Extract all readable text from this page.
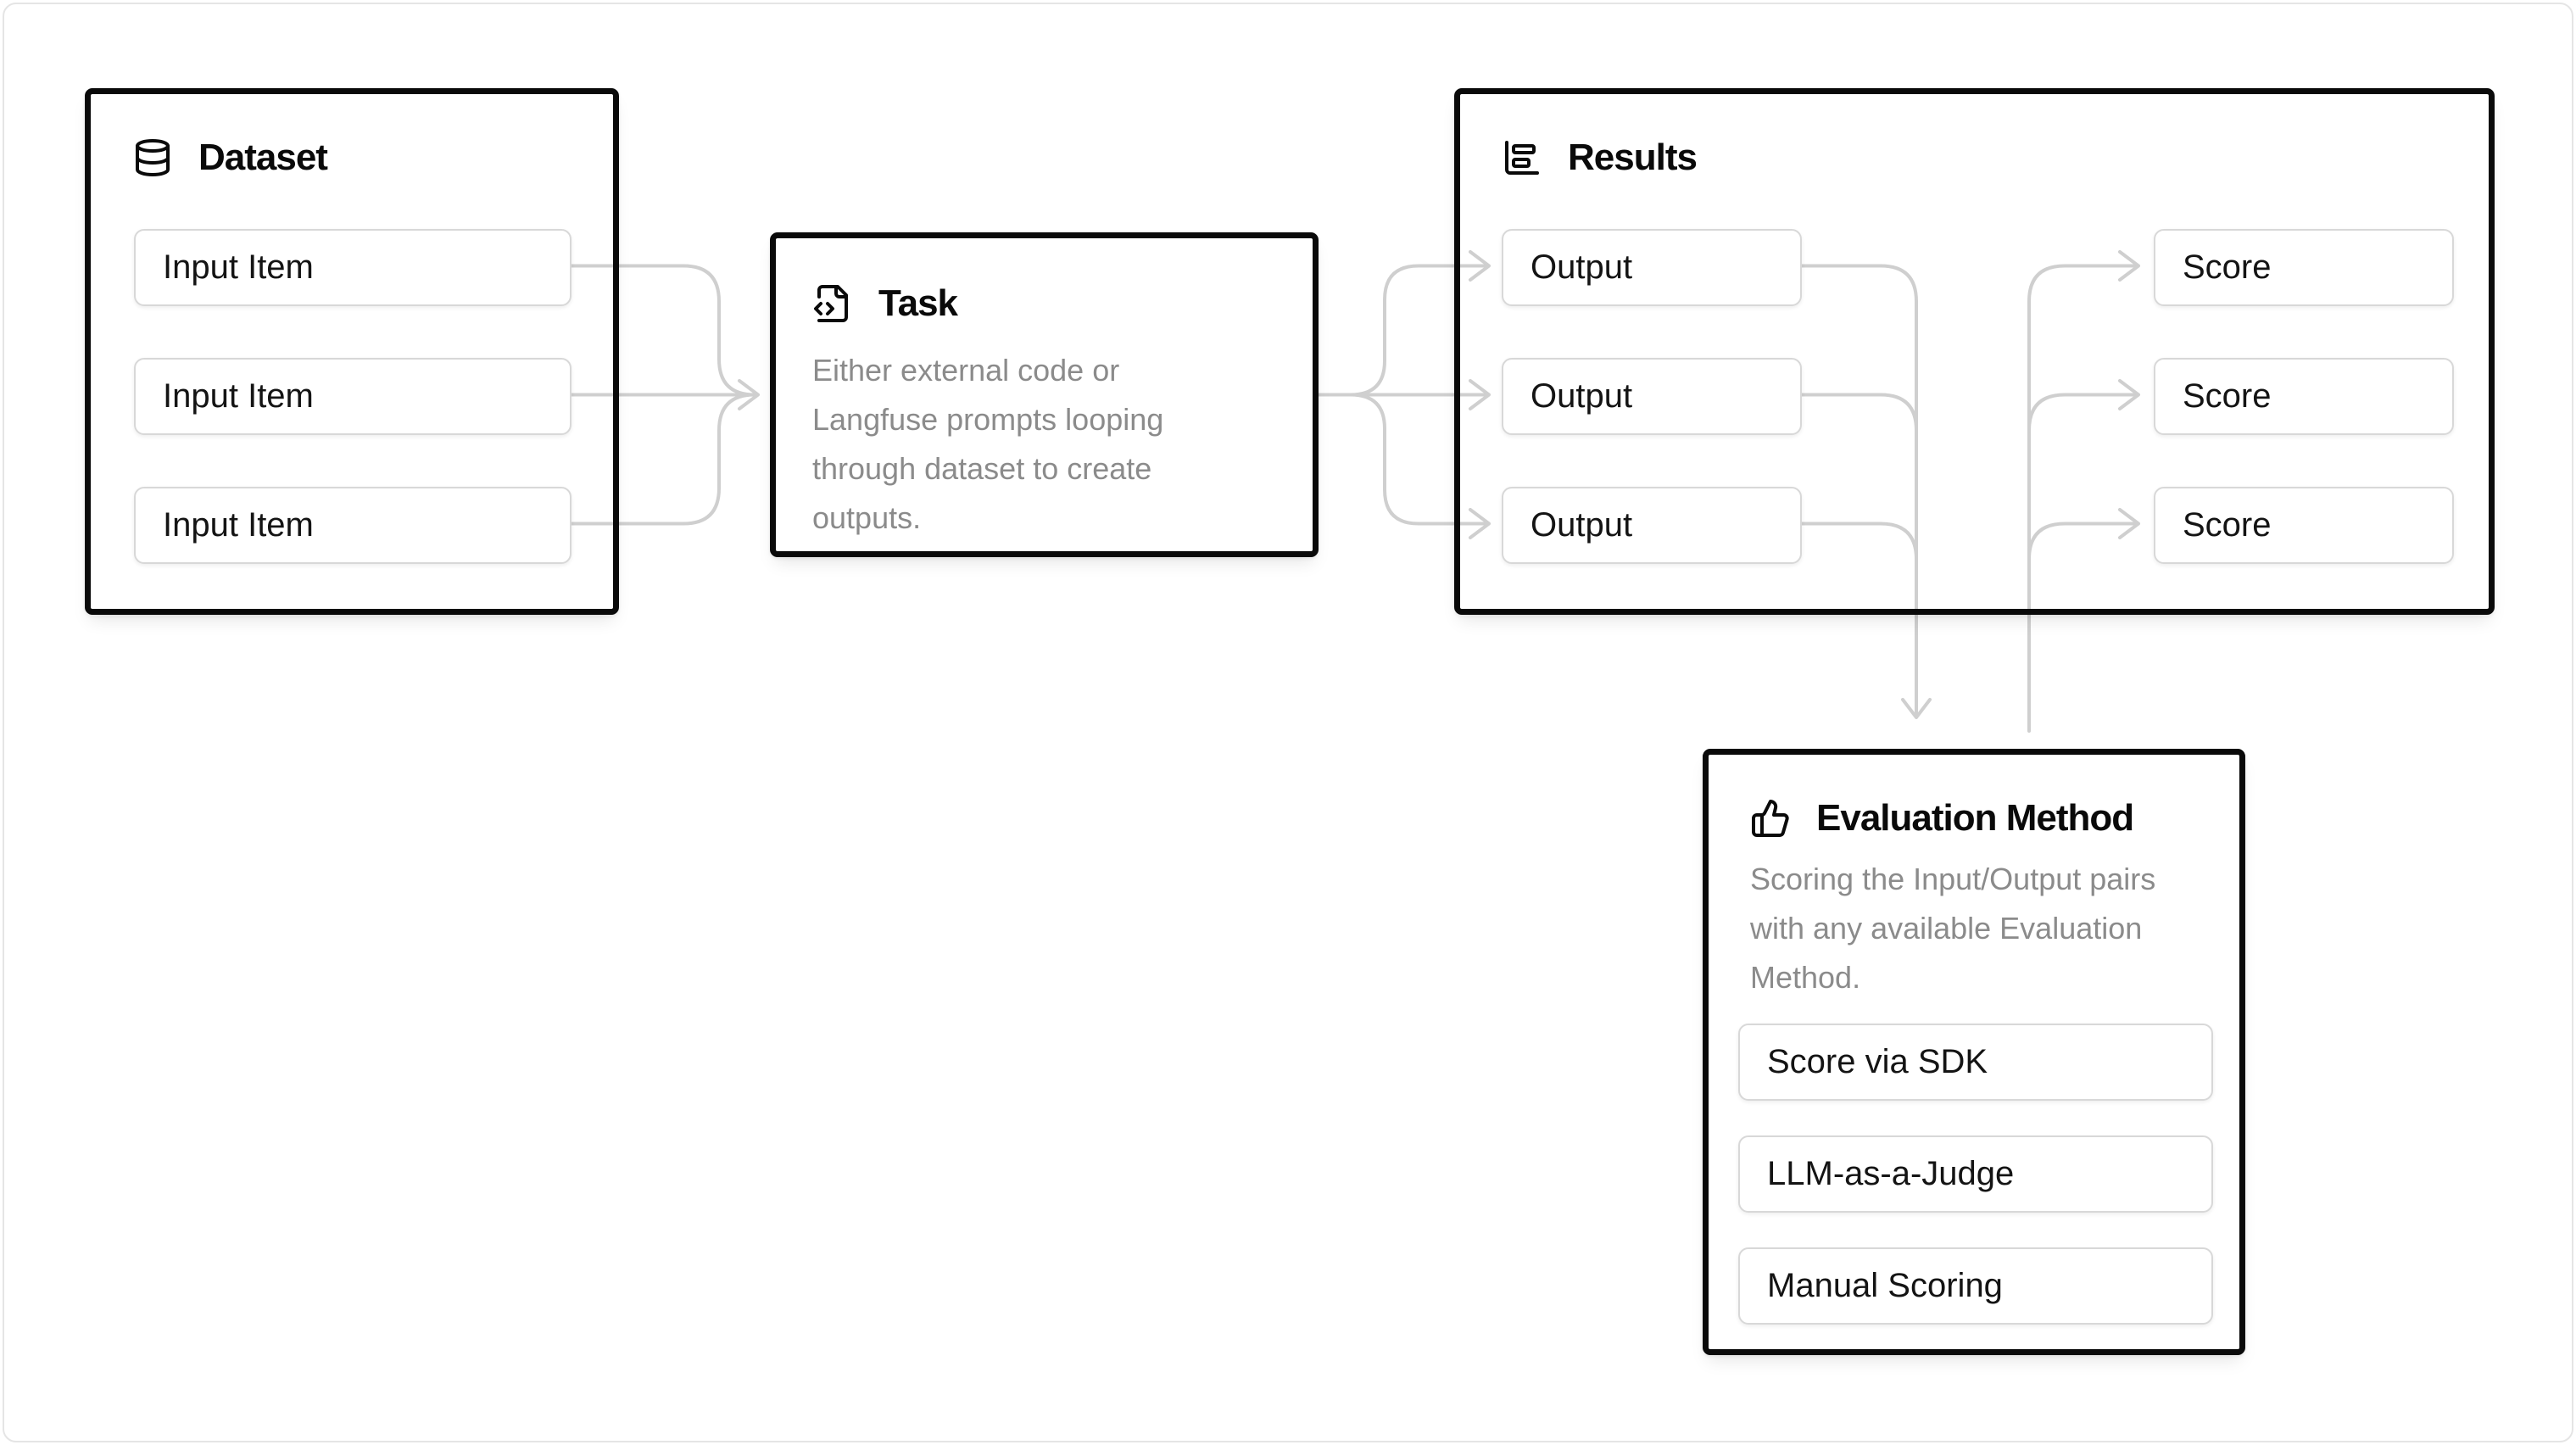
Dataset
Input Item
Input Item
Input Item
Task
Either external code or Langfuse prompts looping through dataset to create outputs.
Results
Output
Output
Output
Score
Score
Score
Evaluation Method
Scoring the Input/Output pairs with any available Evaluation Method.
Score via SDK
LLM-as-a-Judge
Manual Scoring
